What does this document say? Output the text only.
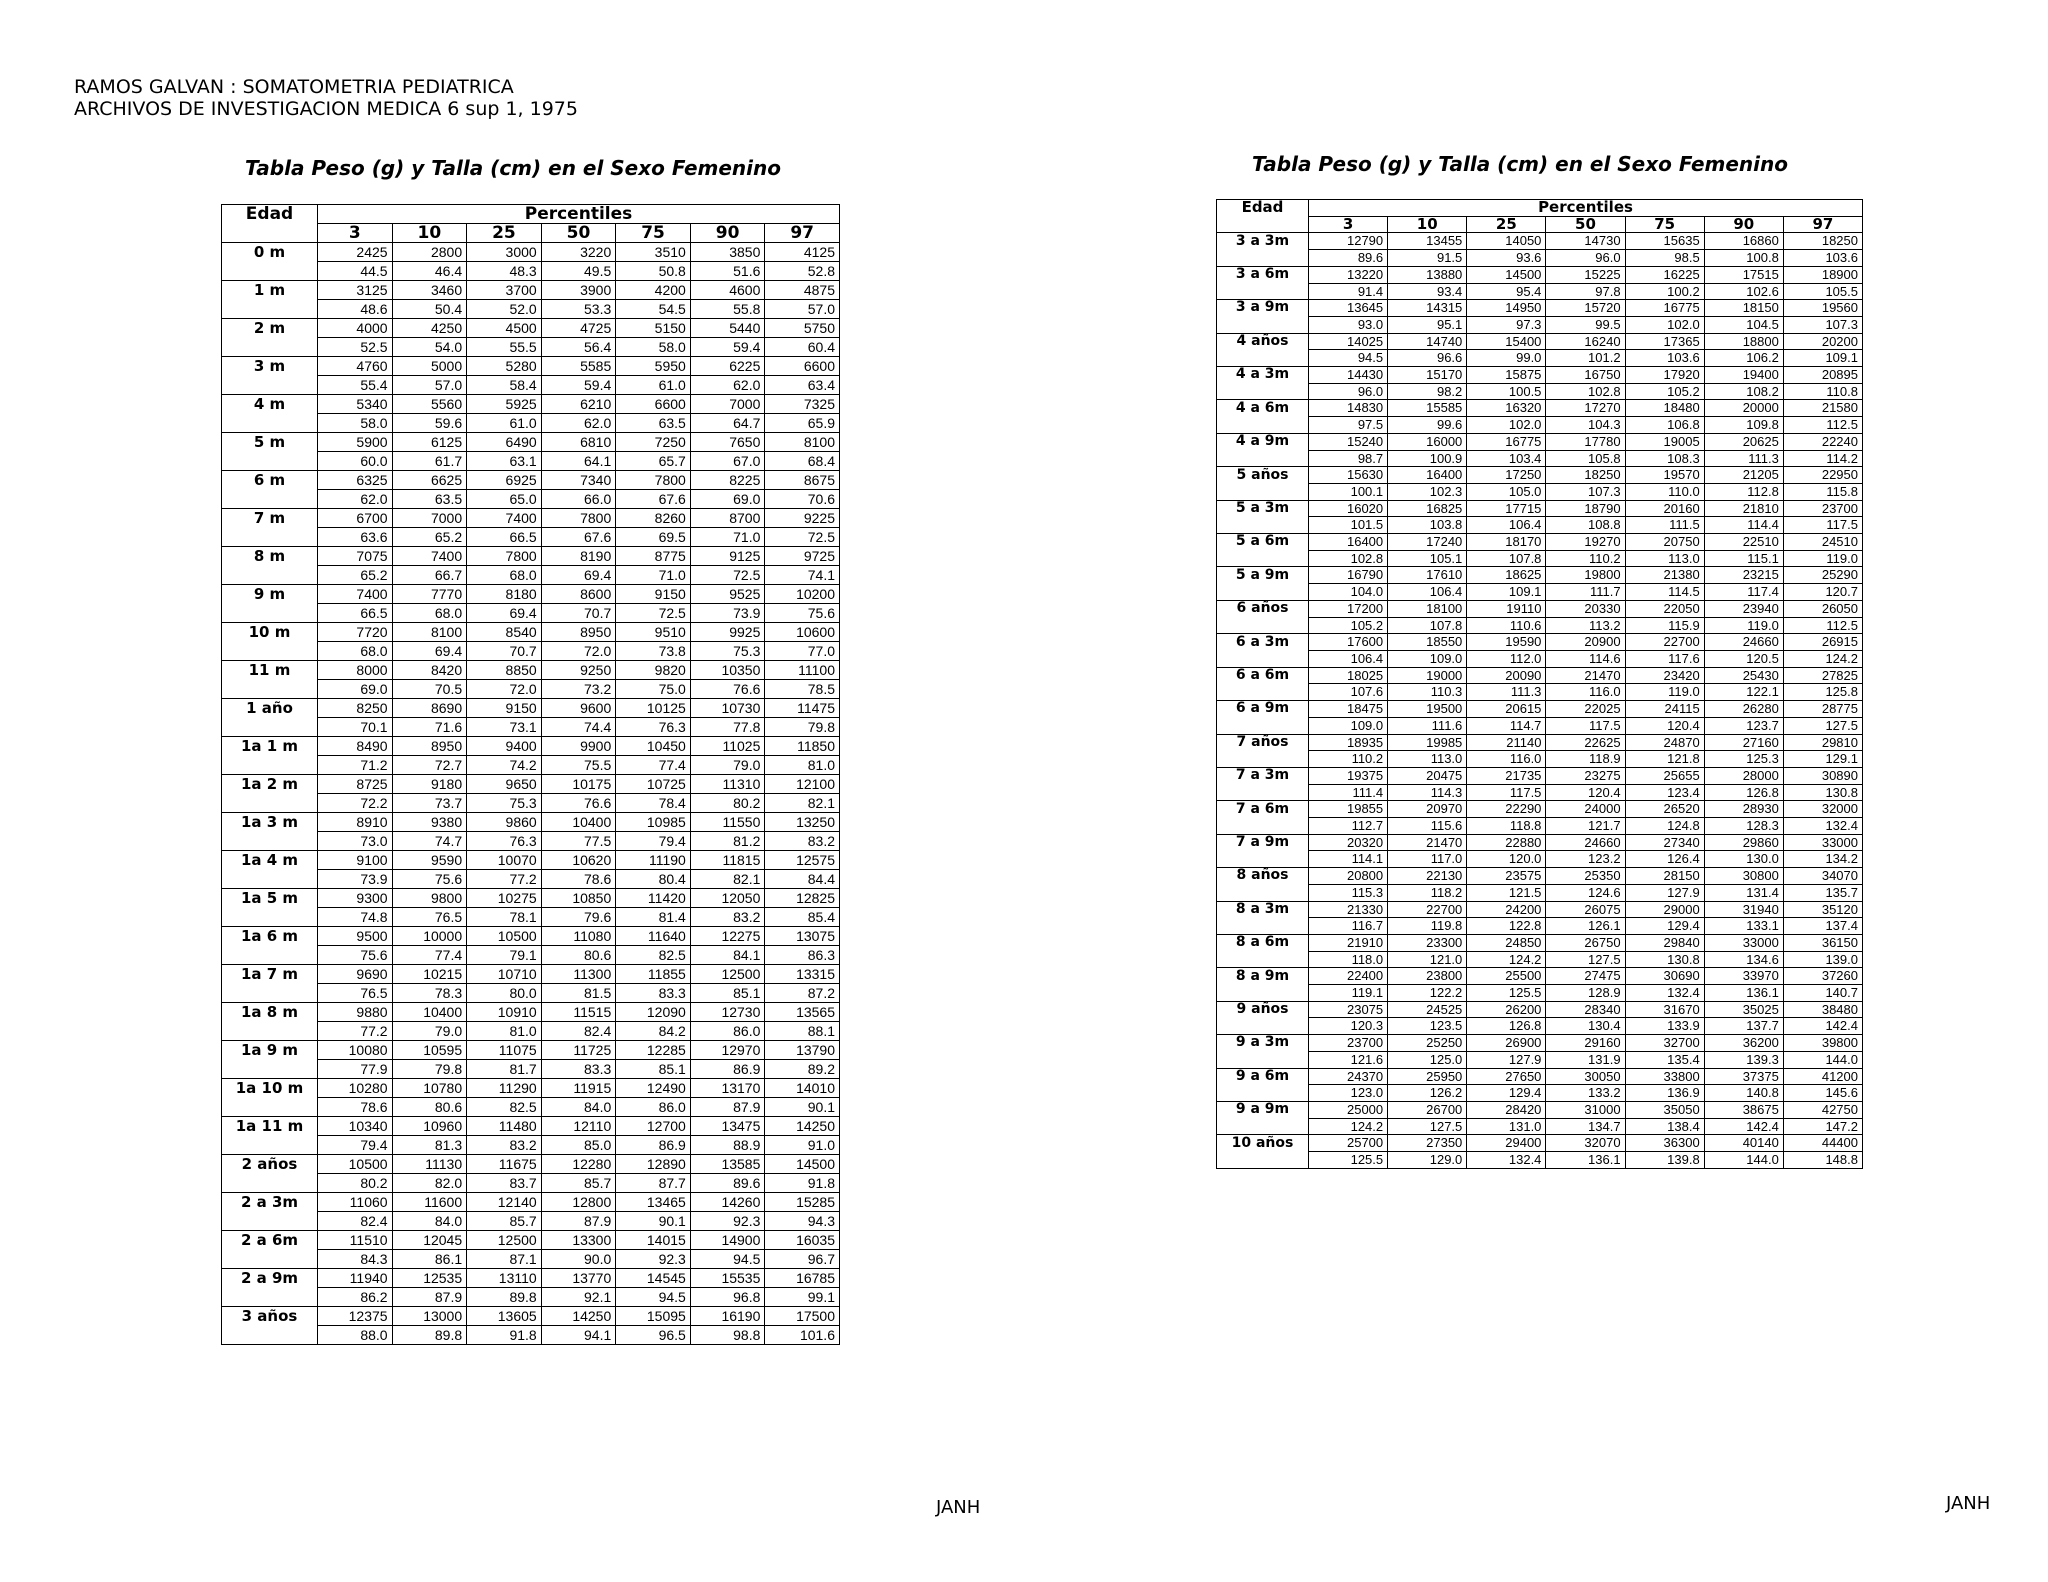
RAMOS GALVAN : SOMATOMETRIA PEDIATRICA
ARCHIVOS DE INVESTIGACION MEDICA 6 sup 1, 1975
Tabla Peso (g) y Talla (cm) en el Sexo Femenino
Edad	Percentiles						
	3	10	25	50	75	90	97
0 m	2425	2800	3000	3220	3510	3850	4125
	44.5	46.4	48.3	49.5	50.8	51.6	52.8
1 m	3125	3460	3700	3900	4200	4600	4875
	48.6	50.4	52.0	53.3	54.5	55.8	57.0
2 m	4000	4250	4500	4725	5150	5440	5750
	52.5	54.0	55.5	56.4	58.0	59.4	60.4
3 m	4760	5000	5280	5585	5950	6225	6600
	55.4	57.0	58.4	59.4	61.0	62.0	63.4
4 m	5340	5560	5925	6210	6600	7000	7325
	58.0	59.6	61.0	62.0	63.5	64.7	65.9
5 m	5900	6125	6490	6810	7250	7650	8100
	60.0	61.7	63.1	64.1	65.7	67.0	68.4
6 m	6325	6625	6925	7340	7800	8225	8675
	62.0	63.5	65.0	66.0	67.6	69.0	70.6
7 m	6700	7000	7400	7800	8260	8700	9225
	63.6	65.2	66.5	67.6	69.5	71.0	72.5
8 m	7075	7400	7800	8190	8775	9125	9725
	65.2	66.7	68.0	69.4	71.0	72.5	74.1
9 m	7400	7770	8180	8600	9150	9525	10200
	66.5	68.0	69.4	70.7	72.5	73.9	75.6
10 m	7720	8100	8540	8950	9510	9925	10600
	68.0	69.4	70.7	72.0	73.8	75.3	77.0
11 m	8000	8420	8850	9250	9820	10350	11100
	69.0	70.5	72.0	73.2	75.0	76.6	78.5
1 año	8250	8690	9150	9600	10125	10730	11475
	70.1	71.6	73.1	74.4	76.3	77.8	79.8
1a 1 m	8490	8950	9400	9900	10450	11025	11850
	71.2	72.7	74.2	75.5	77.4	79.0	81.0
1a 2 m	8725	9180	9650	10175	10725	11310	12100
	72.2	73.7	75.3	76.6	78.4	80.2	82.1
1a 3 m	8910	9380	9860	10400	10985	11550	13250
	73.0	74.7	76.3	77.5	79.4	81.2	83.2
1a 4 m	9100	9590	10070	10620	11190	11815	12575
	73.9	75.6	77.2	78.6	80.4	82.1	84.4
1a 5 m	9300	9800	10275	10850	11420	12050	12825
	74.8	76.5	78.1	79.6	81.4	83.2	85.4
1a 6 m	9500	10000	10500	11080	11640	12275	13075
	75.6	77.4	79.1	80.6	82.5	84.1	86.3
1a 7 m	9690	10215	10710	11300	11855	12500	13315
	76.5	78.3	80.0	81.5	83.3	85.1	87.2
1a 8 m	9880	10400	10910	11515	12090	12730	13565
	77.2	79.0	81.0	82.4	84.2	86.0	88.1
1a 9 m	10080	10595	11075	11725	12285	12970	13790
	77.9	79.8	81.7	83.3	85.1	86.9	89.2
1a 10 m	10280	10780	11290	11915	12490	13170	14010
	78.6	80.6	82.5	84.0	86.0	87.9	90.1
1a 11 m	10340	10960	11480	12110	12700	13475	14250
	79.4	81.3	83.2	85.0	86.9	88.9	91.0
2 años	10500	11130	11675	12280	12890	13585	14500
	80.2	82.0	83.7	85.7	87.7	89.6	91.8
2 a 3m	11060	11600	12140	12800	13465	14260	15285
	82.4	84.0	85.7	87.9	90.1	92.3	94.3
2 a 6m	11510	12045	12500	13300	14015	14900	16035
	84.3	86.1	87.1	90.0	92.3	94.5	96.7
2 a 9m	11940	12535	13110	13770	14545	15535	16785
	86.2	87.9	89.8	92.1	94.5	96.8	99.1
3 años	12375	13000	13605	14250	15095	16190	17500
	88.0	89.8	91.8	94.1	96.5	98.8	101.6
Tabla Peso (g) y Talla (cm) en el Sexo Femenino
Edad	Percentiles						
	3	10	25	50	75	90	97
3 a 3m	12790	13455	14050	14730	15635	16860	18250
	89.6	91.5	93.6	96.0	98.5	100.8	103.6
3 a 6m	13220	13880	14500	15225	16225	17515	18900
	91.4	93.4	95.4	97.8	100.2	102.6	105.5
3 a 9m	13645	14315	14950	15720	16775	18150	19560
	93.0	95.1	97.3	99.5	102.0	104.5	107.3
4 años	14025	14740	15400	16240	17365	18800	20200
	94.5	96.6	99.0	101.2	103.6	106.2	109.1
4 a 3m	14430	15170	15875	16750	17920	19400	20895
	96.0	98.2	100.5	102.8	105.2	108.2	110.8
4 a 6m	14830	15585	16320	17270	18480	20000	21580
	97.5	99.6	102.0	104.3	106.8	109.8	112.5
4 a 9m	15240	16000	16775	17780	19005	20625	22240
	98.7	100.9	103.4	105.8	108.3	111.3	114.2
5 años	15630	16400	17250	18250	19570	21205	22950
	100.1	102.3	105.0	107.3	110.0	112.8	115.8
5 a 3m	16020	16825	17715	18790	20160	21810	23700
	101.5	103.8	106.4	108.8	111.5	114.4	117.5
5 a 6m	16400	17240	18170	19270	20750	22510	24510
	102.8	105.1	107.8	110.2	113.0	115.1	119.0
5 a 9m	16790	17610	18625	19800	21380	23215	25290
	104.0	106.4	109.1	111.7	114.5	117.4	120.7
6 años	17200	18100	19110	20330	22050	23940	26050
	105.2	107.8	110.6	113.2	115.9	119.0	112.5
6 a 3m	17600	18550	19590	20900	22700	24660	26915
	106.4	109.0	112.0	114.6	117.6	120.5	124.2
6 a 6m	18025	19000	20090	21470	23420	25430	27825
	107.6	110.3	111.3	116.0	119.0	122.1	125.8
6 a 9m	18475	19500	20615	22025	24115	26280	28775
	109.0	111.6	114.7	117.5	120.4	123.7	127.5
7 años	18935	19985	21140	22625	24870	27160	29810
	110.2	113.0	116.0	118.9	121.8	125.3	129.1
7 a 3m	19375	20475	21735	23275	25655	28000	30890
	111.4	114.3	117.5	120.4	123.4	126.8	130.8
7 a 6m	19855	20970	22290	24000	26520	28930	32000
	112.7	115.6	118.8	121.7	124.8	128.3	132.4
7 a 9m	20320	21470	22880	24660	27340	29860	33000
	114.1	117.0	120.0	123.2	126.4	130.0	134.2
8 años	20800	22130	23575	25350	28150	30800	34070
	115.3	118.2	121.5	124.6	127.9	131.4	135.7
8 a 3m	21330	22700	24200	26075	29000	31940	35120
	116.7	119.8	122.8	126.1	129.4	133.1	137.4
8 a 6m	21910	23300	24850	26750	29840	33000	36150
	118.0	121.0	124.2	127.5	130.8	134.6	139.0
8 a 9m	22400	23800	25500	27475	30690	33970	37260
	119.1	122.2	125.5	128.9	132.4	136.1	140.7
9 años	23075	24525	26200	28340	31670	35025	38480
	120.3	123.5	126.8	130.4	133.9	137.7	142.4
9 a 3m	23700	25250	26900	29160	32700	36200	39800
	121.6	125.0	127.9	131.9	135.4	139.3	144.0
9 a 6m	24370	25950	27650	30050	33800	37375	41200
	123.0	126.2	129.4	133.2	136.9	140.8	145.6
9 a 9m	25000	26700	28420	31000	35050	38675	42750
	124.2	127.5	131.0	134.7	138.4	142.4	147.2
10 años	25700	27350	29400	32070	36300	40140	44400
	125.5	129.0	132.4	136.1	139.8	144.0	148.8
JANH	JANH
